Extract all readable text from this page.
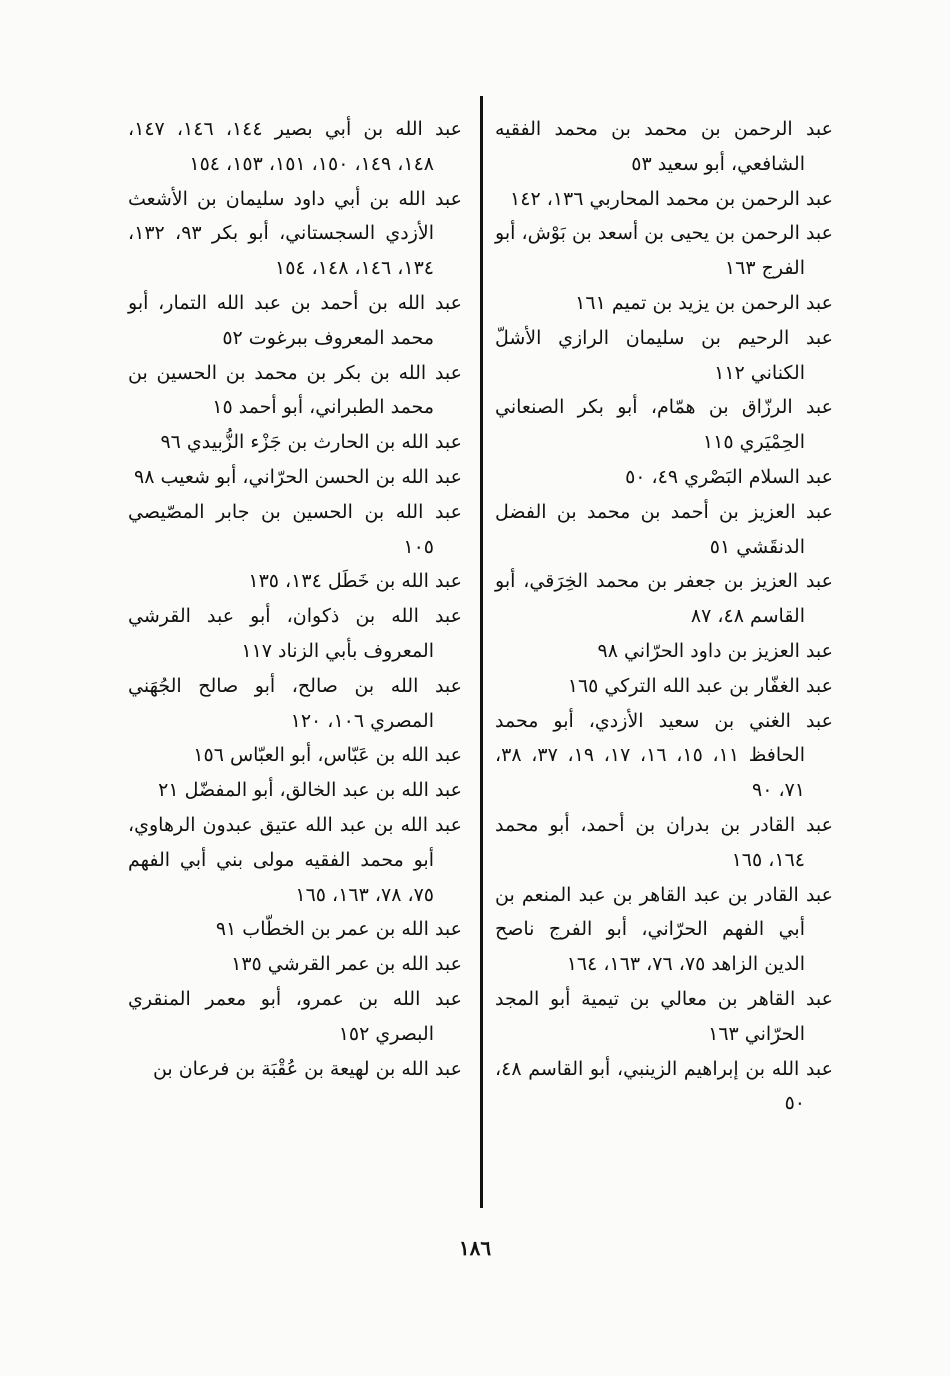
عبد الرحمن بن محمد بن محمد الفقيه الشافعي، أبو سعيد ٥٣

عبد الرحمن بن محمد المحاربي ١٣٦، ١٤٢

عبد الرحمن بن يحيى بن أسعد بن بَوْش، أبو الفرج ١٦٣

عبد الرحمن بن يزيد بن تميم ١٦١

عبد الرحيم بن سليمان الرازي الأشلّ الكناني ١١٢

عبد الرزّاق بن همّام، أبو بكر الصنعاني الحِمْيَري ١١٥

عبد السلام البَصْري ٤٩، ٥٠

عبد العزيز بن أحمد بن محمد بن الفضل الدنقَشي ٥١

عبد العزيز بن جعفر بن محمد الخِرَقي، أبو القاسم ٤٨، ٨٧

عبد العزيز بن داود الحرّاني ٩٨

عبد الغفّار بن عبد الله التركي ١٦٥

عبد الغني بن سعيد الأزدي، أبو محمد الحافظ ١١، ١٥، ١٦، ١٧، ١٩، ٣٧، ٣٨، ٧١، ٩٠

عبد القادر بن بدران بن أحمد، أبو محمد ١٦٤، ١٦٥

عبد القادر بن عبد القاهر بن عبد المنعم بن أبي الفهم الحرّاني، أبو الفرج ناصح الدين الزاهد ٧٥، ٧٦، ١٦٣، ١٦٤

عبد القاهر بن معالي بن تيمية أبو المجد الحرّاني ١٦٣

عبد الله بن إبراهيم الزينبي، أبو القاسم ٤٨، ٥٠

عبد الله بن أبي بصير ١٤٤، ١٤٦، ١٤٧، ١٤٨، ١٤٩، ١٥٠، ١٥١، ١٥٣، ١٥٤

عبد الله بن أبي داود سليمان بن الأشعث الأزدي السجستاني، أبو بكر ٩٣، ١٣٢، ١٣٤، ١٤٦، ١٤٨، ١٥٤

عبد الله بن أحمد بن عبد الله التمار، أبو محمد المعروف ببرغوت ٥٢

عبد الله بن بكر بن محمد بن الحسين بن محمد الطبراني، أبو أحمد ١٥

عبد الله بن الحارث بن جَزْء الزُّبيدي ٩٦

عبد الله بن الحسن الحرّاني، أبو شعيب ٩٨

عبد الله بن الحسين بن جابر المصّيصي ١٠٥

عبد الله بن خَطَل ١٣٤، ١٣٥

عبد الله بن ذكوان، أبو عبد القرشي المعروف بأبي الزناد ١١٧

عبد الله بن صالح، أبو صالح الجُهَني المصري ١٠٦، ١٢٠

عبد الله بن عَبّاس، أبو العبّاس ١٥٦

عبد الله بن عبد الخالق، أبو المفضّل ٢١

عبد الله بن عبد الله عتيق عبدون الرهاوي، أبو محمد الفقيه مولى بني أبي الفهم ٧٥، ٧٨، ١٦٣، ١٦٥

عبد الله بن عمر بن الخطّاب ٩١

عبد الله بن عمر القرشي ١٣٥

عبد الله بن عمرو، أبو معمر المنقري البصري ١٥٢

عبد الله بن لهيعة بن عُقْبَة بن فرعان بن

١٨٦
